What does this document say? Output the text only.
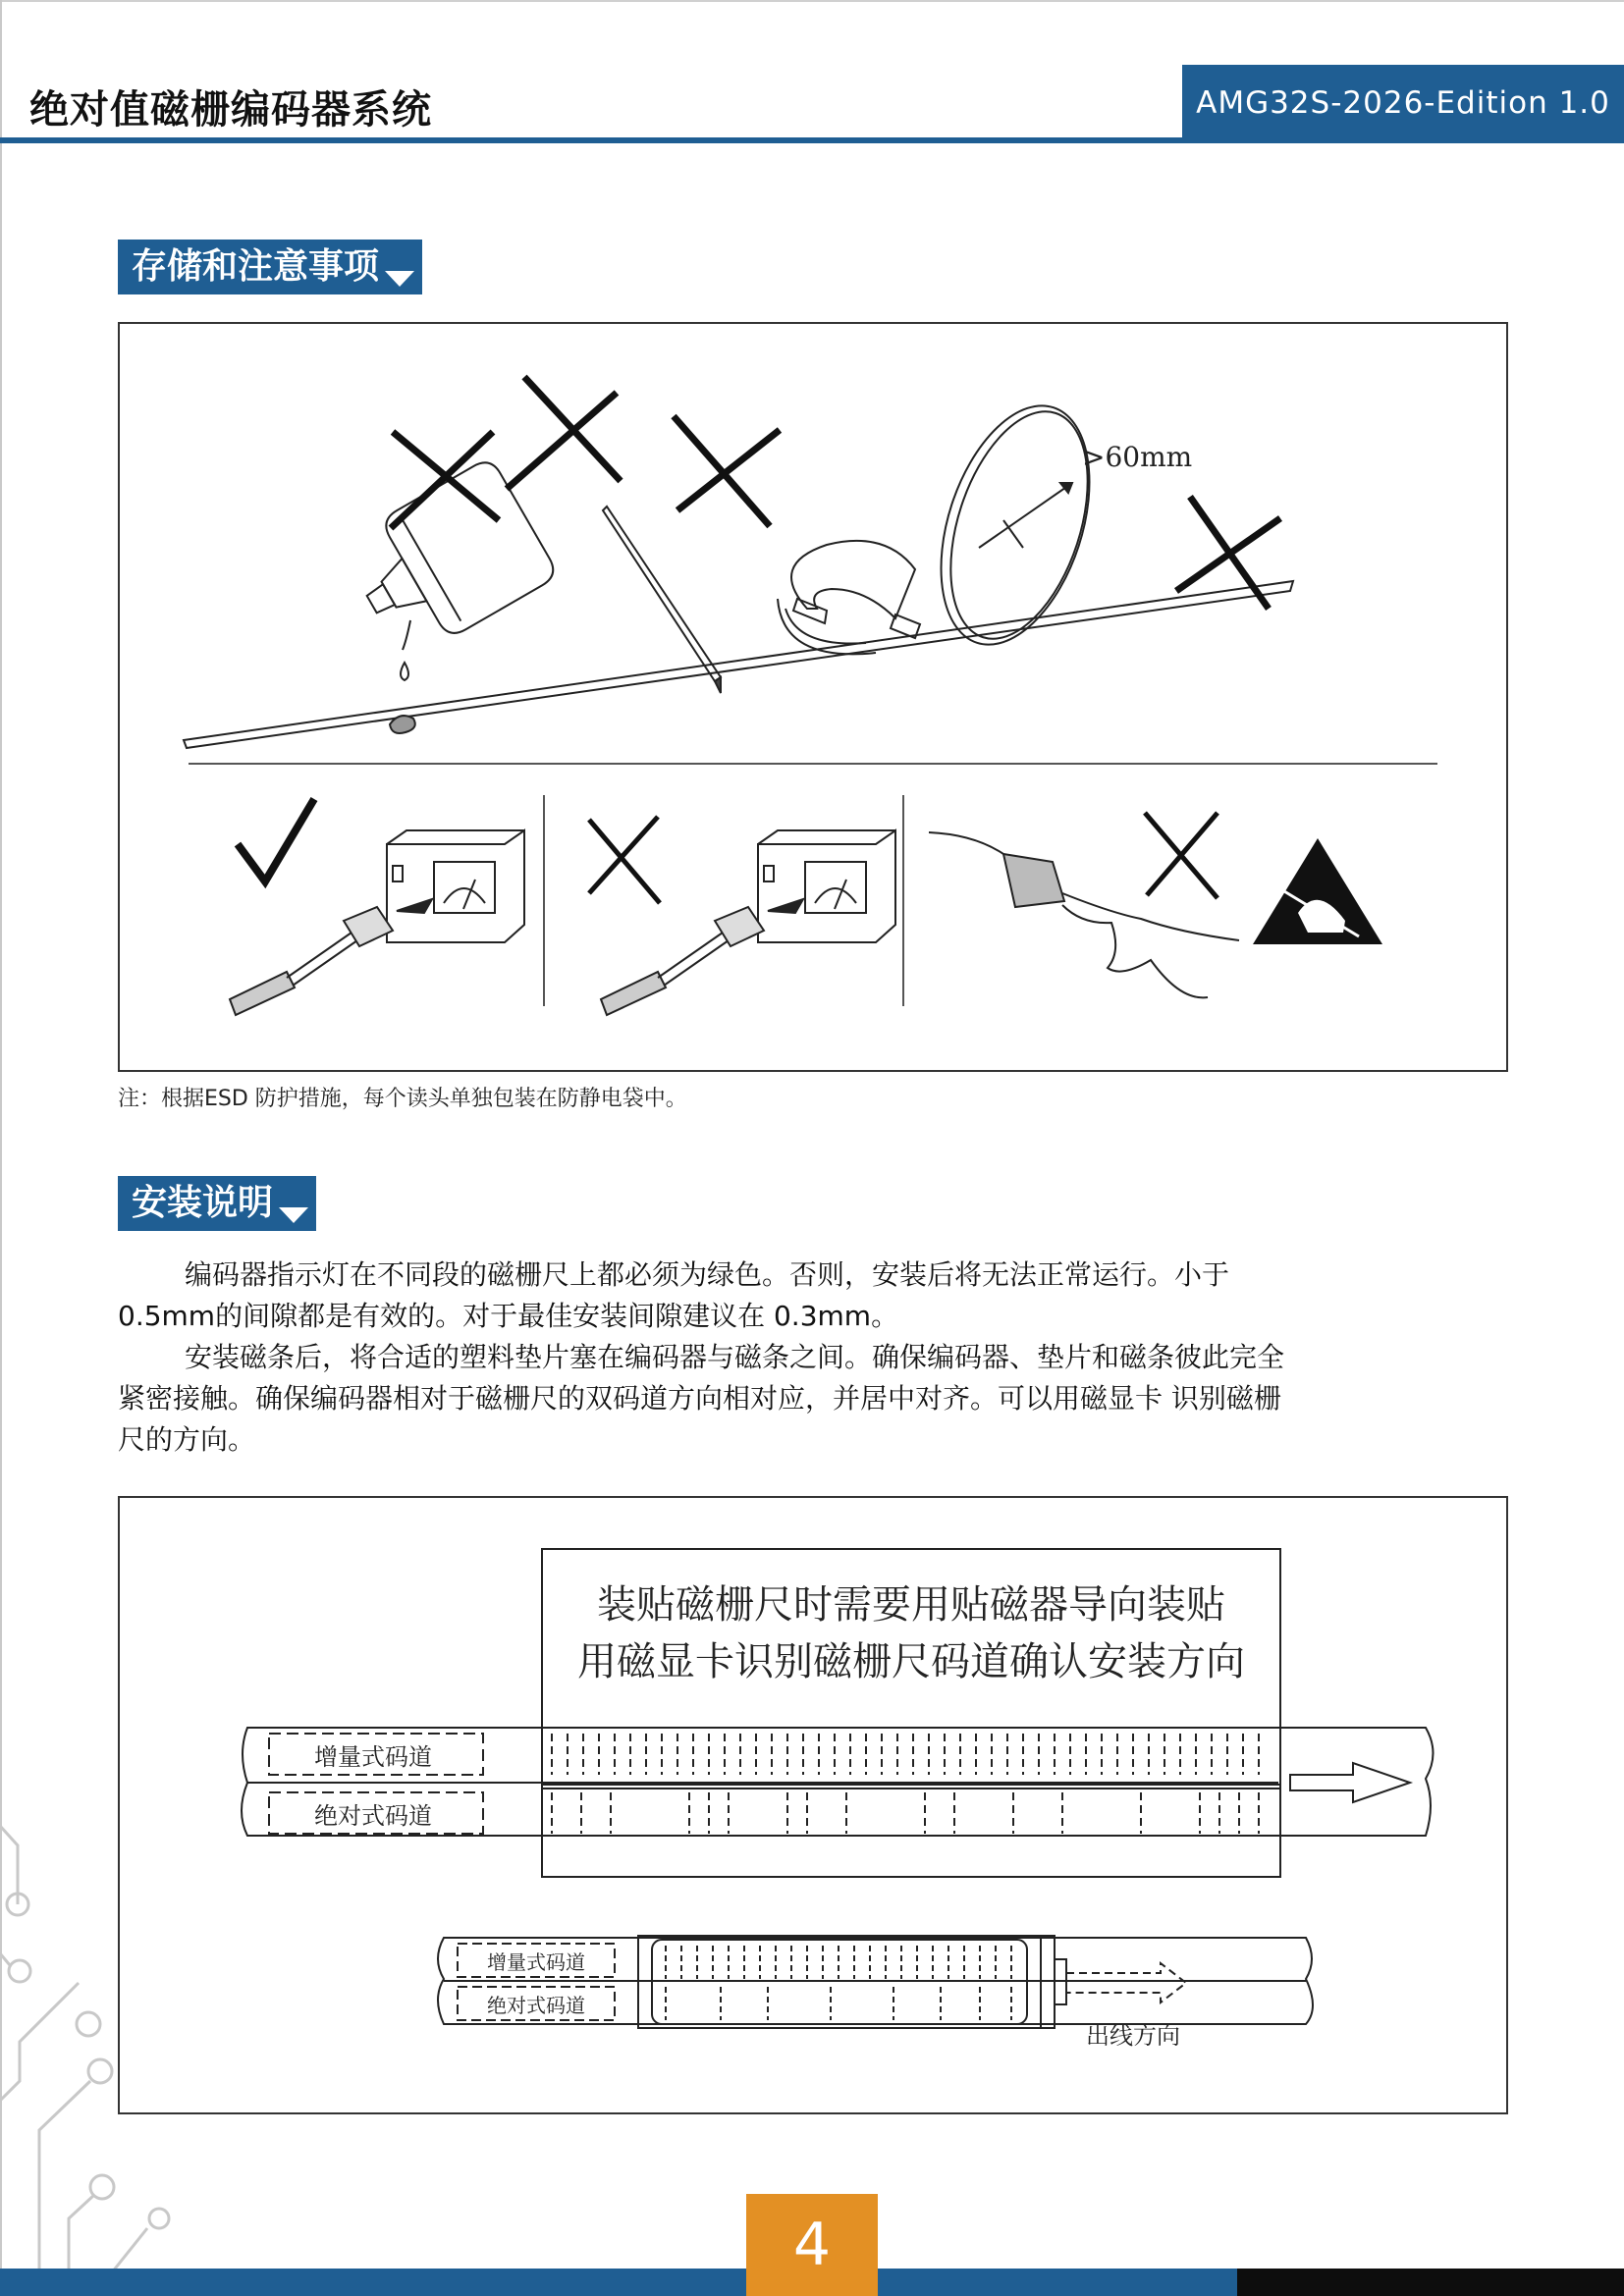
绝对值磁栅编码器系统	AMG32S-2026-Edition 1.0
存储和注意事项
>60mm
注：根据ESD 防护措施，每个读头单独包装在防静电袋中。
安装说明

编码器指示灯在不同段的磁栅尺上都必须为绿色。否则，安装后将无法正常运行。小于0.5mm的间隙都是有效的。对于最佳安装间隙建议在 0.3mm。

安装磁条后，将合适的塑料垫片塞在编码器与磁条之间。确保编码器、垫片和磁条彼此完全紧密接触。确保编码器相对于磁栅尺的双码道方向相对应，并居中对齐。可以用磁显卡 识别磁栅尺的方向。

装贴磁栅尺时需要用贴磁器导向装贴
用磁显卡识别磁栅尺码道确认安装方向
增量式码道
绝对式码道
增量式码道
绝对式码道
出线方向
4
